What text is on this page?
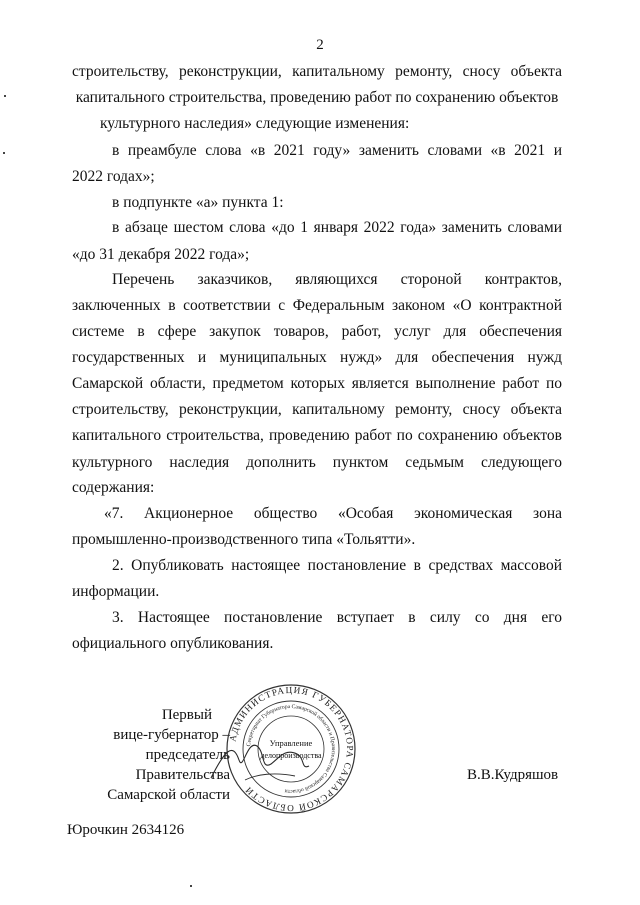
2
строительству, реконструкции, капитальному ремонту, сносу объекта
капитального строительства, проведению работ по сохранению объектов
культурного наследия» следующие изменения:
в преамбуле слова «в 2021 году» заменить словами «в 2021 и
2022 годах»;
в подпункте «а» пункта 1:
в абзаце шестом слова «до 1 января 2022 года» заменить словами
«до 31 декабря 2022 года»;
Перечень заказчиков, являющихся стороной контрактов,
заключенных в соответствии с Федеральным законом «О контрактной
системе в сфере закупок товаров, работ, услуг для обеспечения
государственных и муниципальных нужд» для обеспечения нужд
Самарской области, предметом которых является выполнение работ по
строительству, реконструкции, капитальному ремонту, сносу объекта
капитального строительства, проведению работ по сохранению объектов
культурного наследия дополнить пунктом седьмым следующего
содержания:
«7. Акционерное общество «Особая экономическая зона
промышленно-производственного типа «Тольятти».
2. Опубликовать настоящее постановление в средствах массовой
информации.
3. Настоящее постановление вступает в силу со дня его
официального опубликования.
Первый
вице-губернатор –
председатель Правительства
Самарской области
АДМИНИСТРАЦИЯ ГУБЕРНАТОРА САМАРСКОЙ ОБЛАСТИ
Секретариат Губернатора Самарской области и Правительства Самарской области
Управление
делопроизводства
В.В.Кудряшов
Юрочкин 2634126
